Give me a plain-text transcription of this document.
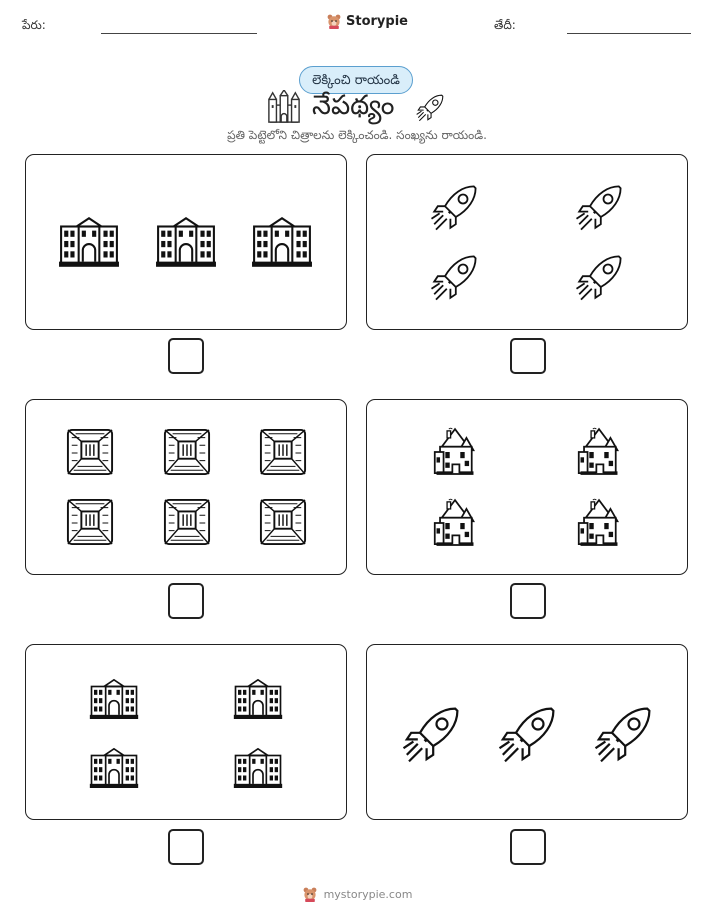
పేరు:	Storypie	తేదీ:
లెక్కించి రాయండి
నేపథ్యం
ప్రతి పెట్టెలోని చిత్రాలను లెక్కించండి. సంఖ్యను రాయండి.
mystorypie.com
